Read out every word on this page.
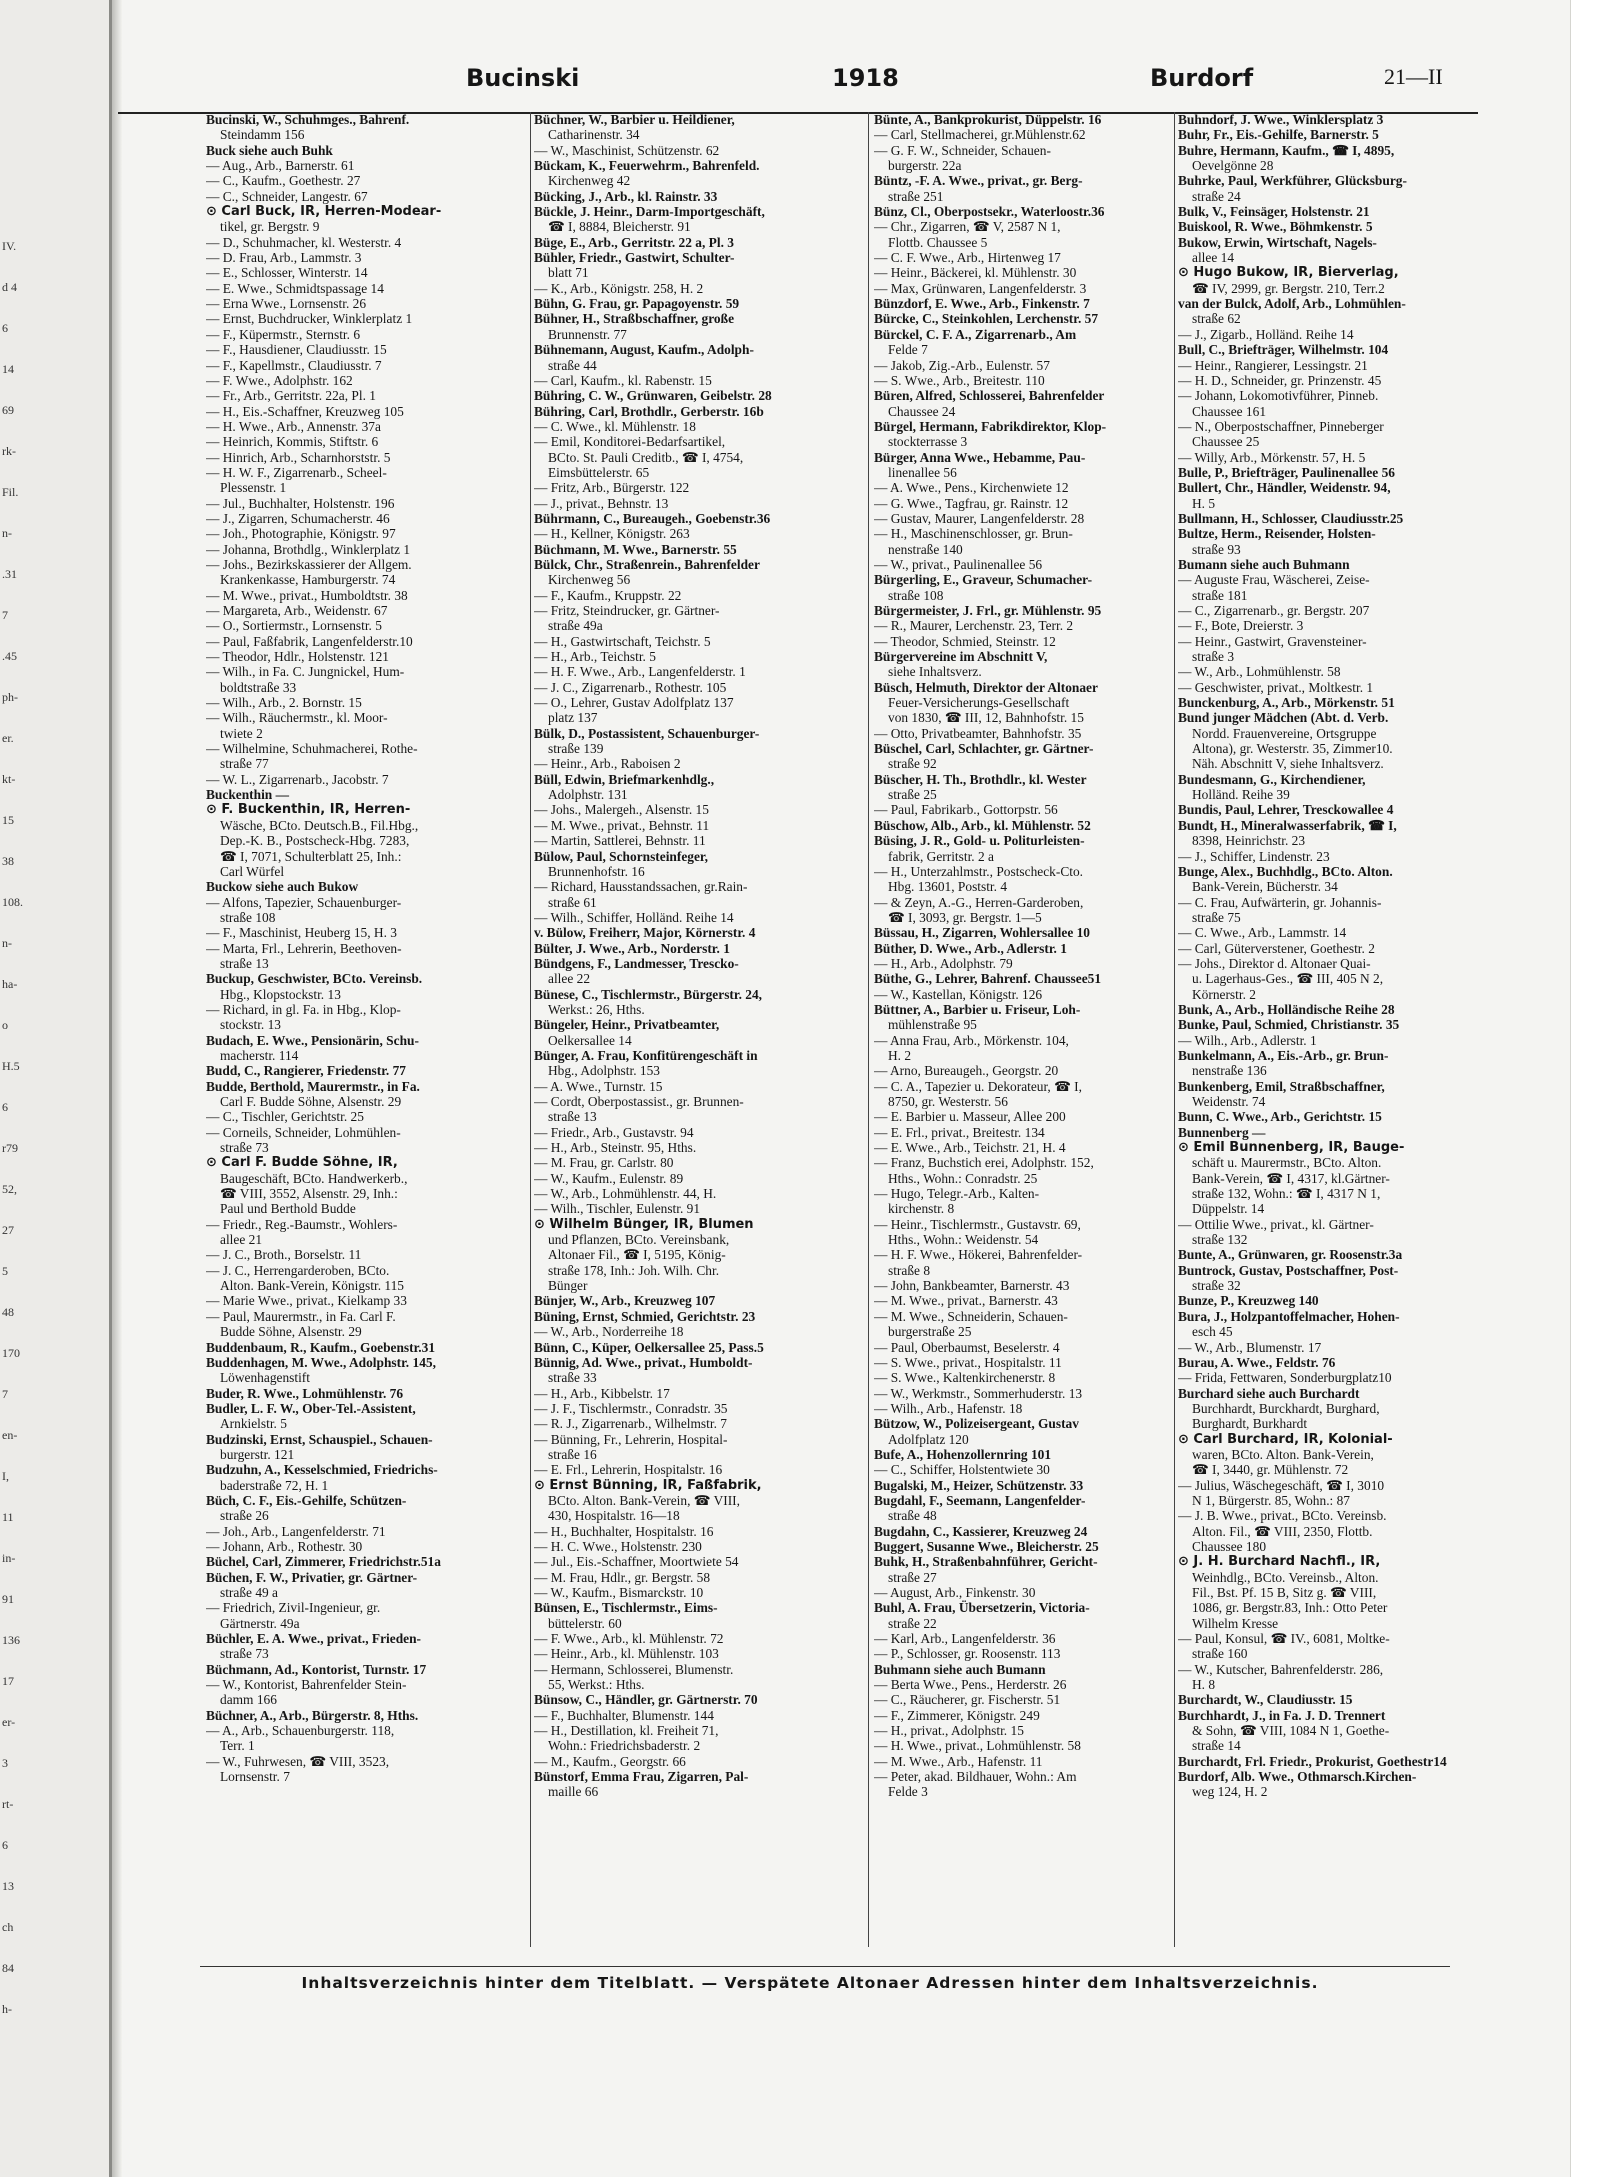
IV.
d 4
6
14
69
rk-
Fil.
n-
.31
7
.45
ph-
er.
kt-
15
38
108.
n-
ha-
o
H.5
6
r79
52,
27
5
48
170
7
en-
I,
11
in-
91
136
17
er-
3
rt-
6
13
ch
84
h-
Bucinski	1918	Burdorf	21—II
Bucinski, W., Schuhmges., Bahrenf.
Steindamm 156
Buck siehe auch Buhk
— Aug., Arb., Barnerstr. 61
— C., Kaufm., Goethestr. 27
— C., Schneider, Langestr. 67
⊙ Carl Buck, IR, Herren-Modear-
tikel, gr. Bergstr. 9
— D., Schuhmacher, kl. Westerstr. 4
— D. Frau, Arb., Lammstr. 3
— E., Schlosser, Winterstr. 14
— E. Wwe., Schmidtspassage 14
— Erna Wwe., Lornsenstr. 26
— Ernst, Buchdrucker, Winklerplatz 1
— F., Küpermstr., Sternstr. 6
— F., Hausdiener, Claudiusstr. 15
— F., Kapellmstr., Claudiusstr. 7
— F. Wwe., Adolphstr. 162
— Fr., Arb., Gerritstr. 22a, Pl. 1
— H., Eis.-Schaffner, Kreuzweg 105
— H. Wwe., Arb., Annenstr. 37a
— Heinrich, Kommis, Stiftstr. 6
— Hinrich, Arb., Scharnhorststr. 5
— H. W. F., Zigarrenarb., Scheel-
Plessenstr. 1
— Jul., Buchhalter, Holstenstr. 196
— J., Zigarren, Schumacherstr. 46
— Joh., Photographie, Königstr. 97
— Johanna, Brothdlg., Winklerplatz 1
— Johs., Bezirkskassierer der Allgem.
Krankenkasse, Hamburgerstr. 74
— M. Wwe., privat., Humboldtstr. 38
— Margareta, Arb., Weidenstr. 67
— O., Sortiermstr., Lornsenstr. 5
— Paul, Faßfabrik, Langenfelderstr.10
— Theodor, Hdlr., Holstenstr. 121
— Wilh., in Fa. C. Jungnickel, Hum-
boldtstraße 33
— Wilh., Arb., 2. Bornstr. 15
— Wilh., Räuchermstr., kl. Moor-
twiete 2
— Wilhelmine, Schuhmacherei, Rothe-
straße 77
— W. L., Zigarrenarb., Jacobstr. 7
Buckenthin —
⊙ F. Buckenthin, IR, Herren-
Wäsche, BCto. Deutsch.B., Fil.Hbg.,
Dep.-K. B., Postscheck-Hbg. 7283,
☎ I, 7071, Schulterblatt 25, Inh.:
Carl Würfel
Buckow siehe auch Bukow
— Alfons, Tapezier, Schauenburger-
straße 108
— F., Maschinist, Heuberg 15, H. 3
— Marta, Frl., Lehrerin, Beethoven-
straße 13
Buckup, Geschwister, BCto. Vereinsb.
Hbg., Klopstockstr. 13
— Richard, in gl. Fa. in Hbg., Klop-
stockstr. 13
Budach, E. Wwe., Pensionärin, Schu-
macherstr. 114
Budd, C., Rangierer, Friedenstr. 77
Budde, Berthold, Maurermstr., in Fa.
Carl F. Budde Söhne, Alsenstr. 29
— C., Tischler, Gerichtstr. 25
— Corneils, Schneider, Lohmühlen-
straße 73
⊙ Carl F. Budde Söhne, IR,
Baugeschäft, BCto. Handwerkerb.,
☎ VIII, 3552, Alsenstr. 29, Inh.:
Paul und Berthold Budde
— Friedr., Reg.-Baumstr., Wohlers-
allee 21
— J. C., Broth., Borselstr. 11
— J. C., Herrengarderoben, BCto.
Alton. Bank-Verein, Königstr. 115
— Marie Wwe., privat., Kielkamp 33
— Paul, Maurermstr., in Fa. Carl F.
Budde Söhne, Alsenstr. 29
Buddenbaum, R., Kaufm., Goebenstr.31
Buddenhagen, M. Wwe., Adolphstr. 145,
Löwenhagenstift
Buder, R. Wwe., Lohmühlenstr. 76
Budler, L. F. W., Ober-Tel.-Assistent,
Arnkielstr. 5
Budzinski, Ernst, Schauspiel., Schauen-
burgerstr. 121
Budzuhn, A., Kesselschmied, Friedrichs-
baderstraße 72, H. 1
Büch, C. F., Eis.-Gehilfe, Schützen-
straße 26
— Joh., Arb., Langenfelderstr. 71
— Johann, Arb., Rothestr. 30
Büchel, Carl, Zimmerer, Friedrichstr.51a
Büchen, F. W., Privatier, gr. Gärtner-
straße 49 a
— Friedrich, Zivil-Ingenieur, gr.
Gärtnerstr. 49a
Büchler, E. A. Wwe., privat., Frieden-
straße 73
Büchmann, Ad., Kontorist, Turnstr. 17
— W., Kontorist, Bahrenfelder Stein-
damm 166
Büchner, A., Arb., Bürgerstr. 8, Hths.
— A., Arb., Schauenburgerstr. 118,
Terr. 1
— W., Fuhrwesen, ☎ VIII, 3523,
Lornsenstr. 7
Büchner, W., Barbier u. Heildiener,
Catharinenstr. 34
— W., Maschinist, Schützenstr. 62
Bückam, K., Feuerwehrm., Bahrenfeld.
Kirchenweg 42
Bücking, J., Arb., kl. Rainstr. 33
Bückle, J. Heinr., Darm-Importgeschäft,
☎ I, 8884, Bleicherstr. 91
Büge, E., Arb., Gerritstr. 22 a, Pl. 3
Bühler, Friedr., Gastwirt, Schulter-
blatt 71
— K., Arb., Königstr. 258, H. 2
Bühn, G. Frau, gr. Papagoyenstr. 59
Bühner, H., Straßbschaffner, große
Brunnenstr. 77
Bühnemann, August, Kaufm., Adolph-
straße 44
— Carl, Kaufm., kl. Rabenstr. 15
Bühring, C. W., Grünwaren, Geibelstr. 28
Bühring, Carl, Brothdlr., Gerberstr. 16b
— C. Wwe., kl. Mühlenstr. 18
— Emil, Konditorei-Bedarfsartikel,
BCto. St. Pauli Creditb., ☎ I, 4754,
Eimsbüttelerstr. 65
— Fritz, Arb., Bürgerstr. 122
— J., privat., Behnstr. 13
Bührmann, C., Bureaugeh., Goebenstr.36
— H., Kellner, Königstr. 263
Büchmann, M. Wwe., Barnerstr. 55
Bülck, Chr., Straßenrein., Bahrenfelder
Kirchenweg 56
— F., Kaufm., Kruppstr. 22
— Fritz, Steindrucker, gr. Gärtner-
straße 49a
— H., Gastwirtschaft, Teichstr. 5
— H., Arb., Teichstr. 5
— H. F. Wwe., Arb., Langenfelderstr. 1
— J. C., Zigarrenarb., Rothestr. 105
— O., Lehrer, Gustav Adolfplatz 137
platz 137
Bülk, D., Postassistent, Schauenburger-
straße 139
— Heinr., Arb., Raboisen 2
Büll, Edwin, Briefmarkenhdlg.,
Adolphstr. 131
— Johs., Malergeh., Alsenstr. 15
— M. Wwe., privat., Behnstr. 11
— Martin, Sattlerei, Behnstr. 11
Bülow, Paul, Schornsteinfeger,
Brunnenhofstr. 16
— Richard, Hausstandssachen, gr.Rain-
straße 61
— Wilh., Schiffer, Holländ. Reihe 14
v. Bülow, Freiherr, Major, Körnerstr. 4
Bülter, J. Wwe., Arb., Norderstr. 1
Bündgens, F., Landmesser, Trescko-
allee 22
Bünese, C., Tischlermstr., Bürgerstr. 24,
Werkst.: 26, Hths.
Büngeler, Heinr., Privatbeamter,
Oelkersallee 14
Bünger, A. Frau, Konfitürengeschäft in
Hbg., Adolphstr. 153
— A. Wwe., Turnstr. 15
— Cordt, Oberpostassist., gr. Brunnen-
straße 13
— Friedr., Arb., Gustavstr. 94
— H., Arb., Steinstr. 95, Hths.
— M. Frau, gr. Carlstr. 80
— W., Kaufm., Eulenstr. 89
— W., Arb., Lohmühlenstr. 44, H.
— Wilh., Tischler, Eulenstr. 91
⊙ Wilhelm Bünger, IR, Blumen
und Pflanzen, BCto. Vereinsbank,
Altonaer Fil., ☎ I, 5195, König-
straße 178, Inh.: Joh. Wilh. Chr.
Bünger
Bünjer, W., Arb., Kreuzweg 107
Büning, Ernst, Schmied, Gerichtstr. 23
— W., Arb., Norderreihe 18
Bünn, C., Küper, Oelkersallee 25, Pass.5
Bünnig, Ad. Wwe., privat., Humboldt-
straße 33
— H., Arb., Kibbelstr. 17
— J. F., Tischlermstr., Conradstr. 35
— R. J., Zigarrenarb., Wilhelmstr. 7
— Bünning, Fr., Lehrerin, Hospital-
straße 16
— E. Frl., Lehrerin, Hospitalstr. 16
⊙ Ernst Bünning, IR, Faßfabrik,
BCto. Alton. Bank-Verein, ☎ VIII,
430, Hospitalstr. 16—18
— H., Buchhalter, Hospitalstr. 16
— H. C. Wwe., Holstenstr. 230
— Jul., Eis.-Schaffner, Moortwiete 54
— M. Frau, Hdlr., gr. Bergstr. 58
— W., Kaufm., Bismarckstr. 10
Bünsen, E., Tischlermstr., Eims-
büttelerstr. 60
— F. Wwe., Arb., kl. Mühlenstr. 72
— Heinr., Arb., kl. Mühlenstr. 103
— Hermann, Schlosserei, Blumenstr.
55, Werkst.: Hths.
Bünsow, C., Händler, gr. Gärtnerstr. 70
— F., Buchhalter, Blumenstr. 144
— H., Destillation, kl. Freiheit 71,
Wohn.: Friedrichsbaderstr. 2
— M., Kaufm., Georgstr. 66
Bünstorf, Emma Frau, Zigarren, Pal-
maille 66
Bünte, A., Bankprokurist, Düppelstr. 16
— Carl, Stellmacherei, gr.Mühlenstr.62
— G. F. W., Schneider, Schauen-
burgerstr. 22a
Büntz, -F. A. Wwe., privat., gr. Berg-
straße 251
Bünz, Cl., Oberpostsekr., Waterloostr.36
— Chr., Zigarren, ☎ V, 2587 N 1,
Flottb. Chaussee 5
— C. F. Wwe., Arb., Hirtenweg 17
— Heinr., Bäckerei, kl. Mühlenstr. 30
— Max, Grünwaren, Langenfelderstr. 3
Bünzdorf, E. Wwe., Arb., Finkenstr. 7
Bürcke, C., Steinkohlen, Lerchenstr. 57
Bürckel, C. F. A., Zigarrenarb., Am
Felde 7
— Jakob, Zig.-Arb., Eulenstr. 57
— S. Wwe., Arb., Breitestr. 110
Büren, Alfred, Schlosserei, Bahrenfelder
Chaussee 24
Bürgel, Hermann, Fabrikdirektor, Klop-
stockterrasse 3
Bürger, Anna Wwe., Hebamme, Pau-
linenallee 56
— A. Wwe., Pens., Kirchenwiete 12
— G. Wwe., Tagfrau, gr. Rainstr. 12
— Gustav, Maurer, Langenfelderstr. 28
— H., Maschinenschlosser, gr. Brun-
nenstraße 140
— W., privat., Paulinenallee 56
Bürgerling, E., Graveur, Schumacher-
straße 108
Bürgermeister, J. Frl., gr. Mühlenstr. 95
— R., Maurer, Lerchenstr. 23, Terr. 2
— Theodor, Schmied, Steinstr. 12
Bürgervereine im Abschnitt V,
siehe Inhaltsverz.
Büsch, Helmuth, Direktor der Altonaer
Feuer-Versicherungs-Gesellschaft
von 1830, ☎ III, 12, Bahnhofstr. 15
— Otto, Privatbeamter, Bahnhofstr. 35
Büschel, Carl, Schlachter, gr. Gärtner-
straße 92
Büscher, H. Th., Brothdlr., kl. Wester
straße 25
— Paul, Fabrikarb., Gottorpstr. 56
Büschow, Alb., Arb., kl. Mühlenstr. 52
Büsing, J. R., Gold- u. Politurleisten-
fabrik, Gerritstr. 2 a
— H., Unterzahlmstr., Postscheck-Cto.
Hbg. 13601, Poststr. 4
— & Zeyn, A.-G., Herren-Garderoben,
☎ I, 3093, gr. Bergstr. 1—5
Büssau, H., Zigarren, Wohlersallee 10
Büther, D. Wwe., Arb., Adlerstr. 1
— H., Arb., Adolphstr. 79
Büthe, G., Lehrer, Bahrenf. Chaussee51
— W., Kastellan, Königstr. 126
Büttner, A., Barbier u. Friseur, Loh-
mühlenstraße 95
— Anna Frau, Arb., Mörkenstr. 104,
H. 2
— Arno, Bureaugeh., Georgstr. 20
— C. A., Tapezier u. Dekorateur, ☎ I,
8750, gr. Westerstr. 56
— E. Barbier u. Masseur, Allee 200
— E. Frl., privat., Breitestr. 134
— E. Wwe., Arb., Teichstr. 21, H. 4
— Franz, Buchstich erei, Adolphstr. 152,
Hths., Wohn.: Conradstr. 25
— Hugo, Telegr.-Arb., Kalten-
kirchenstr. 8
— Heinr., Tischlermstr., Gustavstr. 69,
Hths., Wohn.: Weidenstr. 54
— H. F. Wwe., Hökerei, Bahrenfelder-
straße 8
— John, Bankbeamter, Barnerstr. 43
— M. Wwe., privat., Barnerstr. 43
— M. Wwe., Schneiderin, Schauen-
burgerstraße 25
— Paul, Oberbaumst, Beselerstr. 4
— S. Wwe., privat., Hospitalstr. 11
— S. Wwe., Kaltenkirchenerstr. 8
— W., Werkmstr., Sommerhuderstr. 13
— Wilh., Arb., Hafenstr. 18
Bützow, W., Polizeisergeant, Gustav
Adolfplatz 120
Bufe, A., Hohenzollernring 101
— C., Schiffer, Holstentwiete 30
Bugalski, M., Heizer, Schützenstr. 33
Bugdahl, F., Seemann, Langenfelder-
straße 48
Bugdahn, C., Kassierer, Kreuzweg 24
Buggert, Susanne Wwe., Bleicherstr. 25
Buhk, H., Straßenbahnführer, Gericht-
straße 27
— August, Arb., Finkenstr. 30
Buhl, A. Frau, Übersetzerin, Victoria-
straße 22
— Karl, Arb., Langenfelderstr. 36
— P., Schlosser, gr. Roosenstr. 113
Buhmann siehe auch Bumann
— Berta Wwe., Pens., Herderstr. 26
— C., Räucherer, gr. Fischerstr. 51
— F., Zimmerer, Königstr. 249
— H., privat., Adolphstr. 15
— H. Wwe., privat., Lohmühlenstr. 58
— M. Wwe., Arb., Hafenstr. 11
— Peter, akad. Bildhauer, Wohn.: Am
Felde 3
Buhndorf, J. Wwe., Winklersplatz 3
Buhr, Fr., Eis.-Gehilfe, Barnerstr. 5
Buhre, Hermann, Kaufm., ☎ I, 4895,
Oevelgönne 28
Buhrke, Paul, Werkführer, Glücksburg-
straße 24
Bulk, V., Feinsäger, Holstenstr. 21
Buiskool, R. Wwe., Böhmkenstr. 5
Bukow, Erwin, Wirtschaft, Nagels-
allee 14
⊙ Hugo Bukow, IR, Bierverlag,
☎ IV, 2999, gr. Bergstr. 210, Terr.2
van der Bulck, Adolf, Arb., Lohmühlen-
straße 62
— J., Zigarb., Holländ. Reihe 14
Bull, C., Briefträger, Wilhelmstr. 104
— Heinr., Rangierer, Lessingstr. 21
— H. D., Schneider, gr. Prinzenstr. 45
— Johann, Lokomotivführer, Pinneb.
Chaussee 161
— N., Oberpostschaffner, Pinneberger
Chaussee 25
— Willy, Arb., Mörkenstr. 57, H. 5
Bulle, P., Briefträger, Paulinenallee 56
Bullert, Chr., Händler, Weidenstr. 94,
H. 5
Bullmann, H., Schlosser, Claudiusstr.25
Bultze, Herm., Reisender, Holsten-
straße 93
Bumann siehe auch Buhmann
— Auguste Frau, Wäscherei, Zeise-
straße 181
— C., Zigarrenarb., gr. Bergstr. 207
— F., Bote, Dreierstr. 3
— Heinr., Gastwirt, Gravensteiner-
straße 3
— W., Arb., Lohmühlenstr. 58
— Geschwister, privat., Moltkestr. 1
Bunckenburg, A., Arb., Mörkenstr. 51
Bund junger Mädchen (Abt. d. Verb.
Nordd. Frauenvereine, Ortsgruppe
Altona), gr. Westerstr. 35, Zimmer10.
Näh. Abschnitt V, siehe Inhaltsverz.
Bundesmann, G., Kirchendiener,
Holländ. Reihe 39
Bundis, Paul, Lehrer, Tresckowallee 4
Bundt, H., Mineralwasserfabrik, ☎ I,
8398, Heinrichstr. 23
— J., Schiffer, Lindenstr. 23
Bunge, Alex., Buchhdlg., BCto. Alton.
Bank-Verein, Bücherstr. 34
— C. Frau, Aufwärterin, gr. Johannis-
straße 75
— C. Wwe., Arb., Lammstr. 14
— Carl, Güterverstener, Goethestr. 2
— Johs., Direktor d. Altonaer Quai-
u. Lagerhaus-Ges., ☎ III, 405 N 2,
Körnerstr. 2
Bunk, A., Arb., Holländische Reihe 28
Bunke, Paul, Schmied, Christianstr. 35
— Wilh., Arb., Adlerstr. 1
Bunkelmann, A., Eis.-Arb., gr. Brun-
nenstraße 136
Bunkenberg, Emil, Straßbschaffner,
Weidenstr. 74
Bunn, C. Wwe., Arb., Gerichtstr. 15
Bunnenberg —
⊙ Emil Bunnenberg, IR, Bauge-
schäft u. Maurermstr., BCto. Alton.
Bank-Verein, ☎ I, 4317, kl.Gärtner-
straße 132, Wohn.: ☎ I, 4317 N 1,
Düppelstr. 14
— Ottilie Wwe., privat., kl. Gärtner-
straße 132
Bunte, A., Grünwaren, gr. Roosenstr.3a
Buntrock, Gustav, Postschaffner, Post-
straße 32
Bunze, P., Kreuzweg 140
Bura, J., Holzpantoffelmacher, Hohen-
esch 45
— W., Arb., Blumenstr. 17
Burau, A. Wwe., Feldstr. 76
— Frida, Fettwaren, Sonderburgplatz10
Burchard siehe auch Burchardt
Burchhardt, Burckhardt, Burghard,
Burghardt, Burkhardt
⊙ Carl Burchard, IR, Kolonial-
waren, BCto. Alton. Bank-Verein,
☎ I, 3440, gr. Mühlenstr. 72
— Julius, Wäschegeschäft, ☎ I, 3010
N 1, Bürgerstr. 85, Wohn.: 87
— J. B. Wwe., privat., BCto. Vereinsb.
Alton. Fil., ☎ VIII, 2350, Flottb.
Chaussee 180
⊙ J. H. Burchard Nachfl., IR,
Weinhdlg., BCto. Vereinsb., Alton.
Fil., Bst. Pf. 15 B, Sitz g. ☎ VIII,
1086, gr. Bergstr.83, Inh.: Otto Peter
Wilhelm Kresse
— Paul, Konsul, ☎ IV., 6081, Moltke-
straße 160
— W., Kutscher, Bahrenfelderstr. 286,
H. 8
Burchardt, W., Claudiusstr. 15
Burchhardt, J., in Fa. J. D. Trennert
& Sohn, ☎ VIII, 1084 N 1, Goethe-
straße 14
Burchardt, Frl. Friedr., Prokurist, Goethestr14
Burdorf, Alb. Wwe., Othmarsch.Kirchen-
weg 124, H. 2
Inhaltsverzeichnis hinter dem Titelblatt. — Verspätete Altonaer Adressen hinter dem Inhaltsverzeichnis.
